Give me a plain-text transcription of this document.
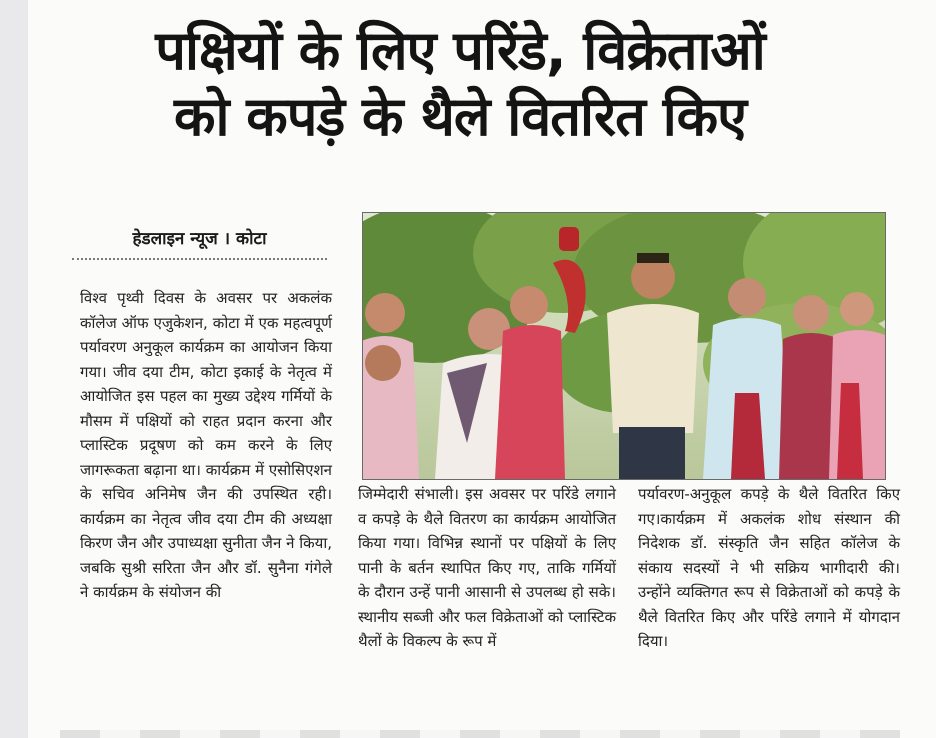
पक्षियों के लिए परिंडे, विक्रेताओं
को कपड़े के थैले वितरित किए
हेडलाइन न्यूज । कोटा

विश्व पृथ्वी दिवस के अवसर पर अकलंक कॉलेज ऑफ एजुकेशन, कोटा में एक महत्वपूर्ण पर्यावरण अनुकूल कार्यक्रम का आयोजन किया गया। जीव दया टीम, कोटा इकाई के नेतृत्व में आयोजित इस पहल का मुख्य उद्देश्य गर्मियों के मौसम में पक्षियों को राहत प्रदान करना और प्लास्टिक प्रदूषण को कम करने के लिए जागरूकता बढ़ाना था। कार्यक्रम में एसोसिएशन के सचिव अनिमेष जैन की उपस्थित रही। कार्यक्रम का नेतृत्व जीव दया टीम की अध्यक्षा किरण जैन और उपाध्यक्षा सुनीता जैन ने किया, जबकि सुश्री सरिता जैन और डॉ. सुनैना गंगेले ने कार्यक्रम के संयोजन की

जिम्मेदारी संभाली। इस अवसर पर परिंडे लगाने व कपड़े के थैले वितरण का कार्यक्रम आयोजित किया गया। विभिन्न स्थानों पर पक्षियों के लिए पानी के बर्तन स्थापित किए गए, ताकि गर्मियों के दौरान उन्हें पानी आसानी से उपलब्ध हो सके। स्थानीय सब्जी और फल विक्रेताओं को प्लास्टिक थैलों के विकल्प के रूप में

पर्यावरण-अनुकूल कपड़े के थैले वितरित किए गए।कार्यक्रम में अकलंक शोध संस्थान की निदेशक डॉ. संस्कृति जैन सहित कॉलेज के संकाय सदस्यों ने भी सक्रिय भागीदारी की। उन्होंने व्यक्तिगत रूप से विक्रेताओं को कपड़े के थैले वितरित किए और परिंडे लगाने में योगदान दिया।
